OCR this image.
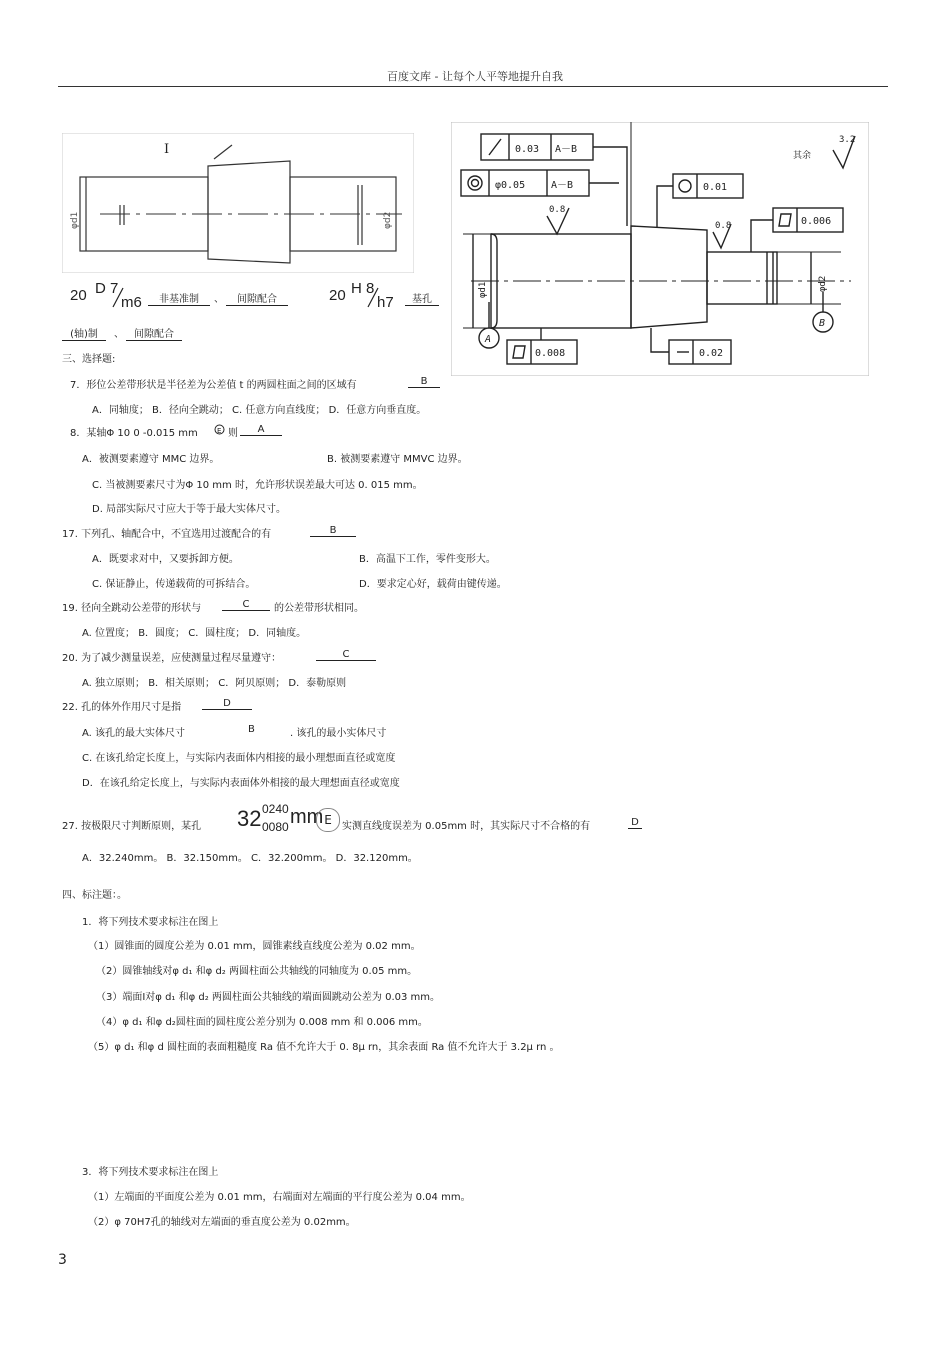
百度文库 - 让每个人平等地提升自我
I
φd1	φd2
20 D 7
m6	非基准制	、	间隙配合	20 H 8
h7	基孔
(轴)制	、	间隙配合
0.03 A－B
φ0.05	A－B	0.01
0.006
0.008	0.02
0.8
0.8
3.2
其余
A
B
φd1	φd2
三、选择题:
7．形位公差带形状是半径差为公差值 t 的两圆柱面之间的区域有	B
A．同轴度； B．径向全跳动； C. 任意方向直线度； D．任意方向垂直度。
8．某轴Φ 10 0 -0.015 mm	E 则	A
A．被测要素遵守 MMC 边界。	B. 被测要素遵守 MMVC 边界。
C. 当被测要素尺寸为Φ 10 mm 时，允许形状误差最大可达 0. 015 mm。
D. 局部实际尺寸应大于等于最大实体尺寸。
17. 下列孔、轴配合中，不宜选用过渡配合的有	B
A．既要求对中，又要拆卸方便。	B．高温下工作，零件变形大。
C. 保证静止，传递载荷的可拆结合。	D．要求定心好，载荷由键传递。
19. 径向全跳动公差带的形状与	C	的公差带形状相同。
A. 位置度； B．圆度； C．圆柱度； D．同轴度。
20. 为了减少测量误差，应使测量过程尽量遵守：	C
A. 独立原则； B．相关原则； C．阿贝原则； D．泰勒原则
22. 孔的体外作用尺寸是指	D
A. 该孔的最大实体尺寸	B	. 该孔的最小实体尺寸
C. 在该孔给定长度上，与实际内表面体内相接的最小理想面直径或宽度
D．在该孔给定长度上，与实际内表面体外相接的最大理想面直径或宽度
27. 按极限尺寸判断原则，某孔 32 0240
0080 mm E	实测直线度误差为 0.05mm 时，其实际尺寸不合格的有	D
A．32.240mm。 B．32.150mm。 C．32.200mm。 D．32.120mm。
四、标注题：。
1．将下列技术要求标注在图上
（1）圆锥面的圆度公差为 0.01 mm，圆锥素线直线度公差为 0.02 mm。
（2）圆锥轴线对φ d₁ 和φ d₂ 两圆柱面公共轴线的同轴度为 0.05 mm。
（3）端面Ⅰ对φ d₁ 和φ d₂ 两圆柱面公共轴线的端面圆跳动公差为 0.03 mm。
（4）φ d₁ 和φ d₂圆柱面的圆柱度公差分别为 0.008 mm 和 0.006 mm。
（5）φ d₁ 和φ d 圆柱面的表面粗糙度 Ra 值不允许大于 0. 8μ rn，其余表面 Ra 值不允许大于 3.2μ rn 。
3．将下列技术要求标注在图上
（1）左端面的平面度公差为 0.01 mm，右端面对左端面的平行度公差为 0.04 mm。
（2）φ 70H7孔的轴线对左端面的垂直度公差为 0.02mm。
3
